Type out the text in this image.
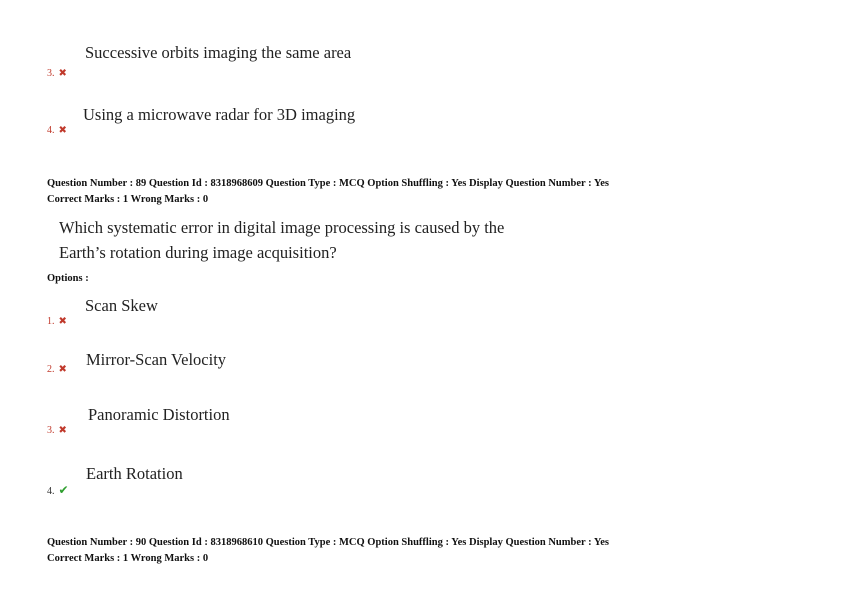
Successive orbits imaging the same area
3. ✖
Using a microwave radar for 3D imaging
4. ✖
Question Number : 89 Question Id : 8318968609 Question Type : MCQ Option Shuffling : Yes Display Question Number : Yes
Correct Marks : 1 Wrong Marks : 0
Which systematic error in digital image processing is caused by the
Earth’s rotation during image acquisition?
Options :
Scan Skew
1. ✖
Mirror-Scan Velocity
2. ✖
Panoramic Distortion
3. ✖
Earth Rotation
4. ✔
Question Number : 90 Question Id : 8318968610 Question Type : MCQ Option Shuffling : Yes Display Question Number : Yes
Correct Marks : 1 Wrong Marks : 0
